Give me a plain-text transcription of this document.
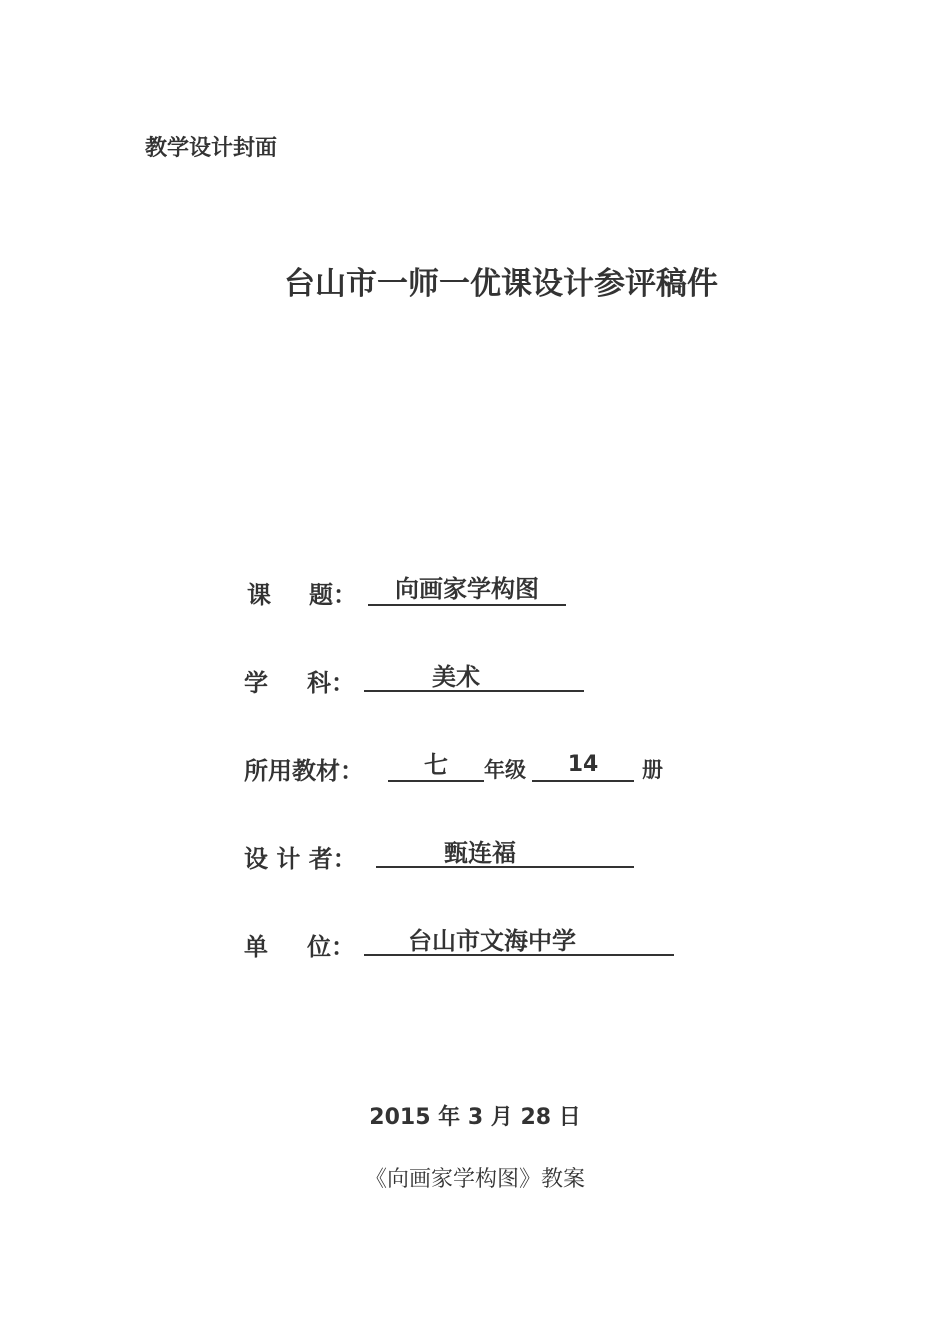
教学设计封面
台山市一师一优课设计参评稿件
课 题：	向画家学构图
学 科：	美术
所用教材：	七	年级	14	册
设 计 者：	甄连福
单 位：	台山市文海中学
2015 年 3 月 28 日
《向画家学构图》教案
